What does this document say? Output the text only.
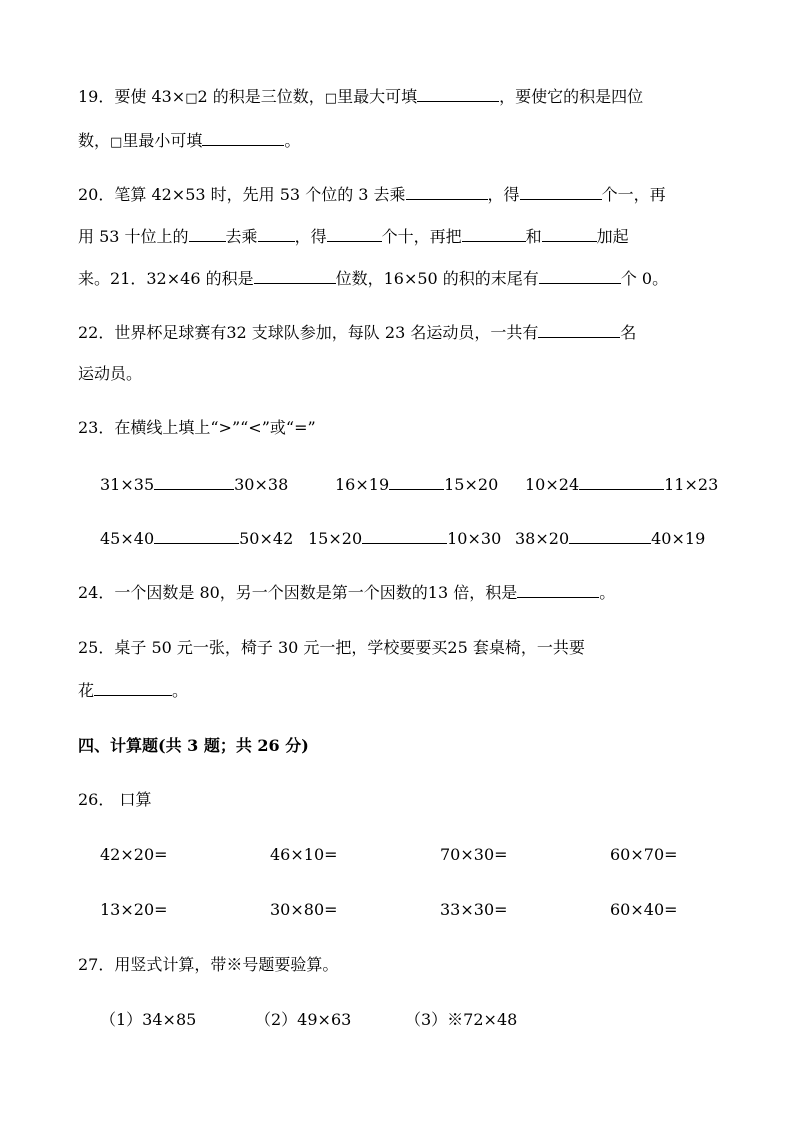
19．要使 43×□2 的积是三位数，□里最大可填	，要使它的积是四位
数，□里最小可填	。
20．笔算 42×53 时，先用 53 个位的 3 去乘	，得	个一，再
用 53 十位上的 去乘 ，得	个十，再把	和	加起
来。21．32×46 的积是	位数，16×50 的积的末尾有	个 0。
22．世界杯足球赛有32 支球队参加，每队 23 名运动员，一共有	名
运动员。
23．在横线上填上“>”“<”或“=”
31×35	30×38	16×19	15×20 10×24	11×23
45×40	50×42 15×20	10×30 38×20	40×19
24．一个因数是 80，另一个因数是第一个因数的13 倍，积是	。
25．桌子 50 元一张，椅子 30 元一把，学校要要买25 套桌椅，一共要
花	。
四、计算题(共 3 题；共 26 分)
26． 口算
42×20=	46×10=	70×30=	60×70=
13×20=	30×80=	33×30=	60×40=
27．用竖式计算，带※号题要验算。
（1）34×85	（2）49×63	（3）※72×48
